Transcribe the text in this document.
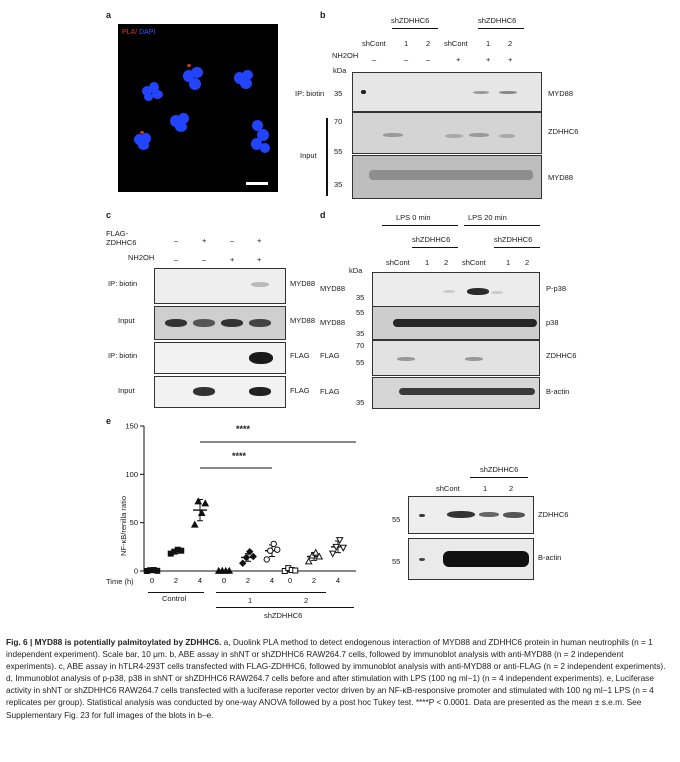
a
PLA/ DAPI
b
shZDHHC6	shZDHHC6
shCont 1 2 shCont 1 2
NH2OH –	– –	+	+ +
kDa
35
IP: biotin	MYD88
70
55
ZDHHC6
Input
35
MYD88
c
FLAG-
ZDHHC6	–	+	–	+
NH2OH	–	–	+	+
IP: biotin	MYD88
Input	MYD88
IP: biotin	FLAG
Input	FLAG
d	LPS 0 min	LPS 20 min
shZDHHC6	shZDHHC6
shCont 1 2 shCont	1 2
kDa
MYD88
35
P-p38
MYD88
55
35
p38
FLAG
70
55
ZDHHC6
FLAG
35
B-actin
e
0
50
100
150
0	2	4	0	2	4 0	2	4
NF-κB/renilla ratio
Time (h)
****
****
Control	1	2
shZDHHC6
shZDHHC6
shCont	1	2
55
ZDHHC6
55	B-actin
Fig. 6 | MYD88 is potentially palmitoylated by ZDHHC6. a, Duolink PLA method to detect endogenous interaction of MYD88 and ZDHHC6 protein in human neutrophils (n = 1 independent experiment). Scale bar, 10 μm. b, ABE assay in shNT or shZDHHC6 RAW264.7 cells, followed by immunoblot analysis with anti-MYD88 (n = 2 independent experiments). c, ABE assay in hTLR4-293T cells transfected with FLAG-ZDHHC6, followed by immunoblot analysis with anti-MYD88 or anti-FLAG (n = 2 independent experiments). d, Immunoblot analysis of p-p38, p38 in shNT or shZDHHC6 RAW264.7 cells before and after stimulation with LPS (100 ng ml−1) (n = 4 independent experiments). e, Luciferase activity in shNT or shZDHHC6 RAW264.7 cells transfected with a luciferase reporter vector driven by an NF-κB-responsive promoter and stimulated with 100 ng ml−1 LPS (n = 4 replicates per group). Statistical analysis was conducted by one-way ANOVA followed by a post hoc Tukey test. ****P < 0.0001. Data are presented as the mean ± s.e.m. See Supplementary Fig. 23 for full images of the blots in b–e.
